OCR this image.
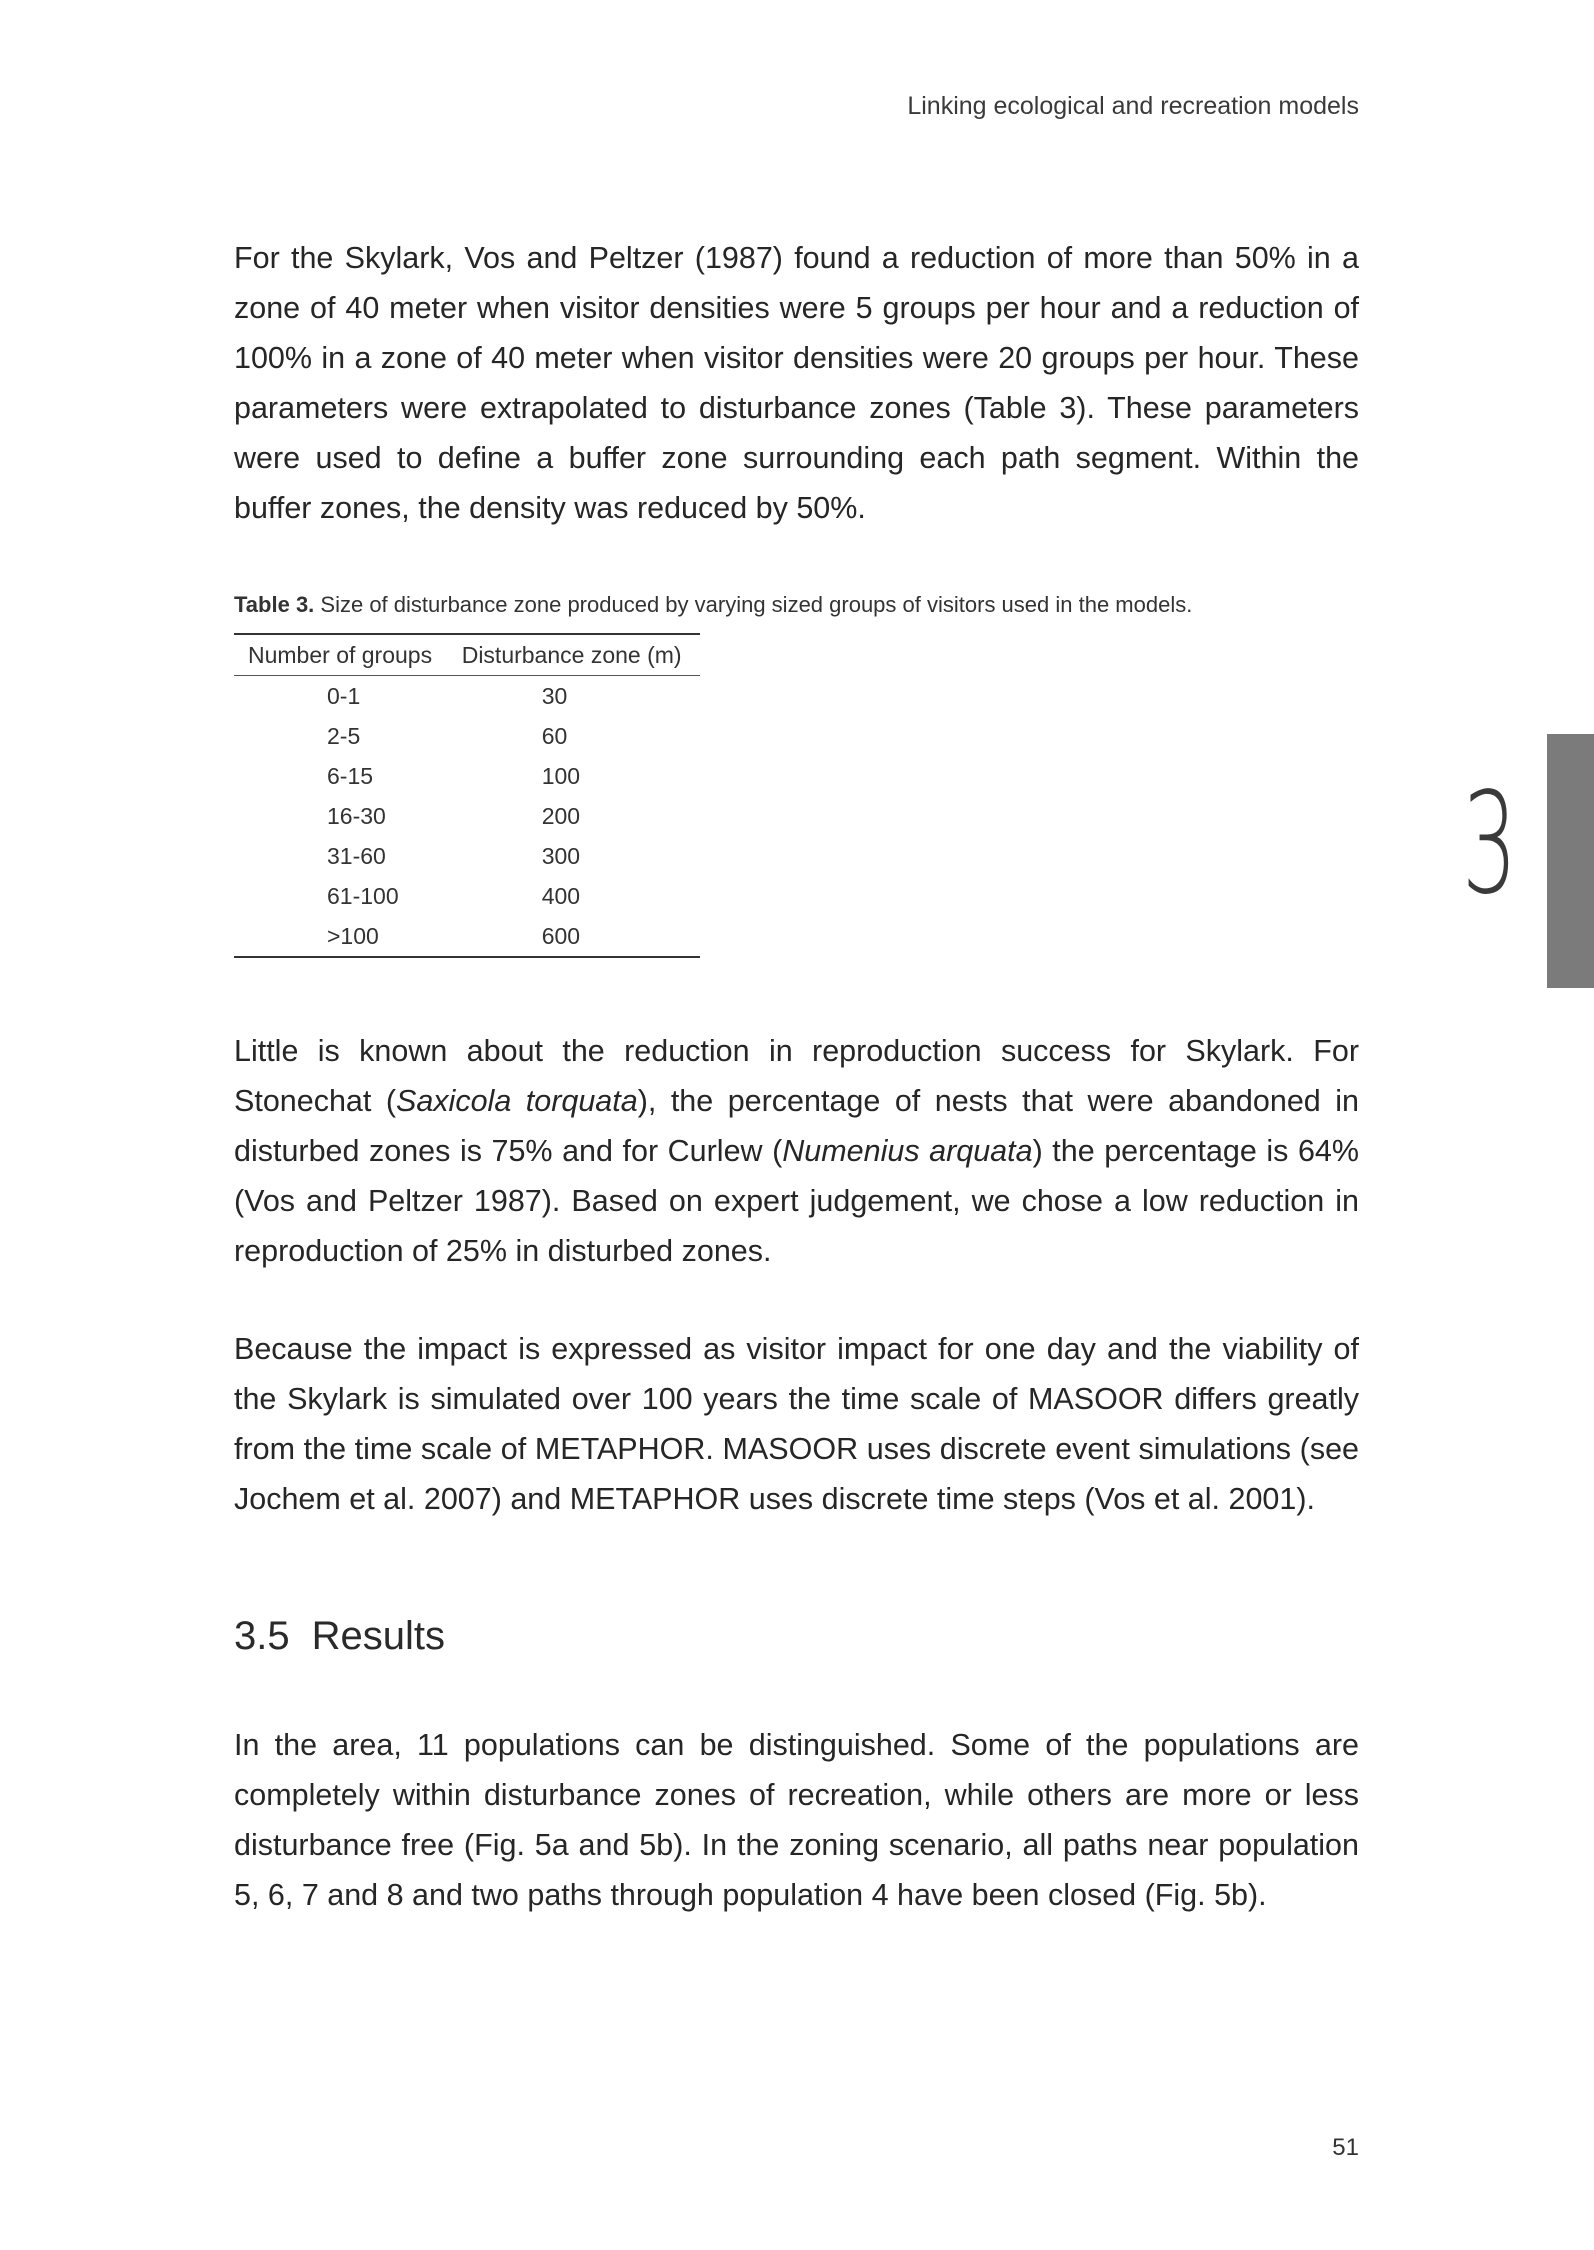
Linking ecological and recreation models

For the Skylark, Vos and Peltzer (1987) found a reduction of more than 50% in a zone of 40 meter when visitor densities were 5 groups per hour and a reduction of 100% in a zone of 40 meter when visitor densities were 20 groups per hour. These parameters were extrapolated to disturbance zones (Table 3). These parameters were used to define a buffer zone surrounding each path segment. Within the buffer zones, the density was reduced by 50%.

Table 3. Size of disturbance zone produced by varying sized groups of visitors used in the models.
Number of groups	Disturbance zone (m)
0-1	30
2-5	60
6-15	100
16-30	200
31-60	300
61-100	400
>100	600
3

Little is known about the reduction in reproduction success for Skylark. For Stonechat (Saxicola torquata), the percentage of nests that were abandoned in disturbed zones is 75% and for Curlew (Numenius arquata) the percentage is 64% (Vos and Peltzer 1987). Based on expert judgement, we chose a low reduction in reproduction of 25% in disturbed zones.

Because the impact is expressed as visitor impact for one day and the viability of the Skylark is simulated over 100 years the time scale of MASOOR differs greatly from the time scale of METAPHOR. MASOOR uses discrete event simulations (see Jochem et al. 2007) and METAPHOR uses discrete time steps (Vos et al. 2001).

3.5 Results

In the area, 11 populations can be distinguished. Some of the populations are completely within disturbance zones of recreation, while others are more or less disturbance free (Fig. 5a and 5b). In the zoning scenario, all paths near population 5, 6, 7 and 8 and two paths through population 4 have been closed (Fig. 5b).

51
